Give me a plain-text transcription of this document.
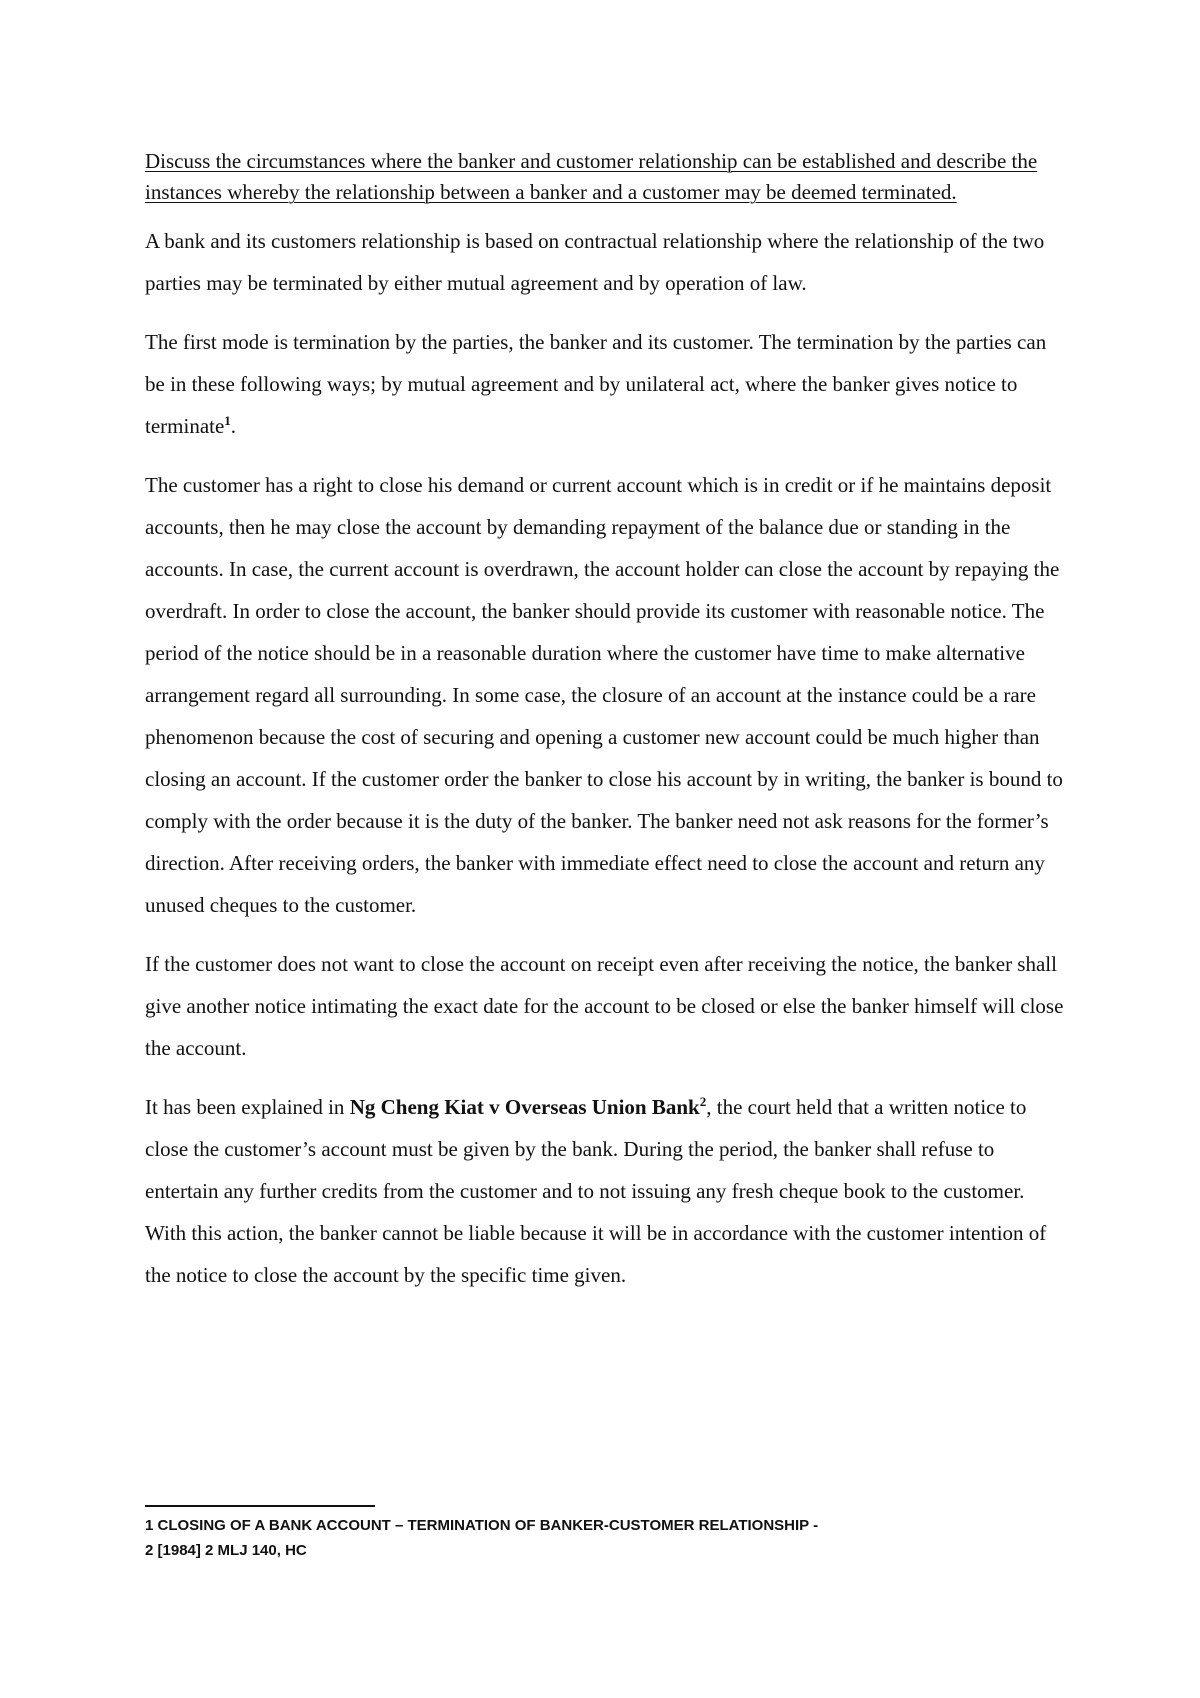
Discuss the circumstances where the banker and customer relationship can be established and describe the instances whereby the relationship between a banker and a customer may be deemed terminated.

A bank and its customers relationship is based on contractual relationship where the relationship of the two parties may be terminated by either mutual agreement and by operation of law.

The first mode is termination by the parties, the banker and its customer. The termination by the parties can be in these following ways; by mutual agreement and by unilateral act, where the banker gives notice to terminate$^1$.

The customer has a right to close his demand or current account which is in credit or if he maintains deposit accounts, then he may close the account by demanding repayment of the balance due or standing in the accounts. In case, the current account is overdrawn, the account holder can close the account by repaying the overdraft. In order to close the account, the banker should provide its customer with reasonable notice. The period of the notice should be in a reasonable duration where the customer have time to make alternative arrangement regard all surrounding. In some case, the closure of an account at the instance could be a rare phenomenon because the cost of securing and opening a customer new account could be much higher than closing an account. If the customer order the banker to close his account by in writing, the banker is bound to comply with the order because it is the duty of the banker. The banker need not ask reasons for the former’s direction. After receiving orders, the banker with immediate effect need to close the account and return any unused cheques to the customer.

If the customer does not want to close the account on receipt even after receiving the notice, the banker shall give another notice intimating the exact date for the account to be closed or else the banker himself will close the account.

It has been explained in Ng Cheng Kiat v Overseas Union Bank$^2$, the court held that a written notice to close the customer’s account must be given by the bank. During the period, the banker shall refuse to entertain any further credits from the customer and to not issuing any fresh cheque book to the customer. With this action, the banker cannot be liable because it will be in accordance with the customer intention of the notice to close the account by the specific time given.

1 CLOSING OF A BANK ACCOUNT – TERMINATION OF BANKER-CUSTOMER RELATIONSHIP -

2 [1984] 2 MLJ 140, HC
